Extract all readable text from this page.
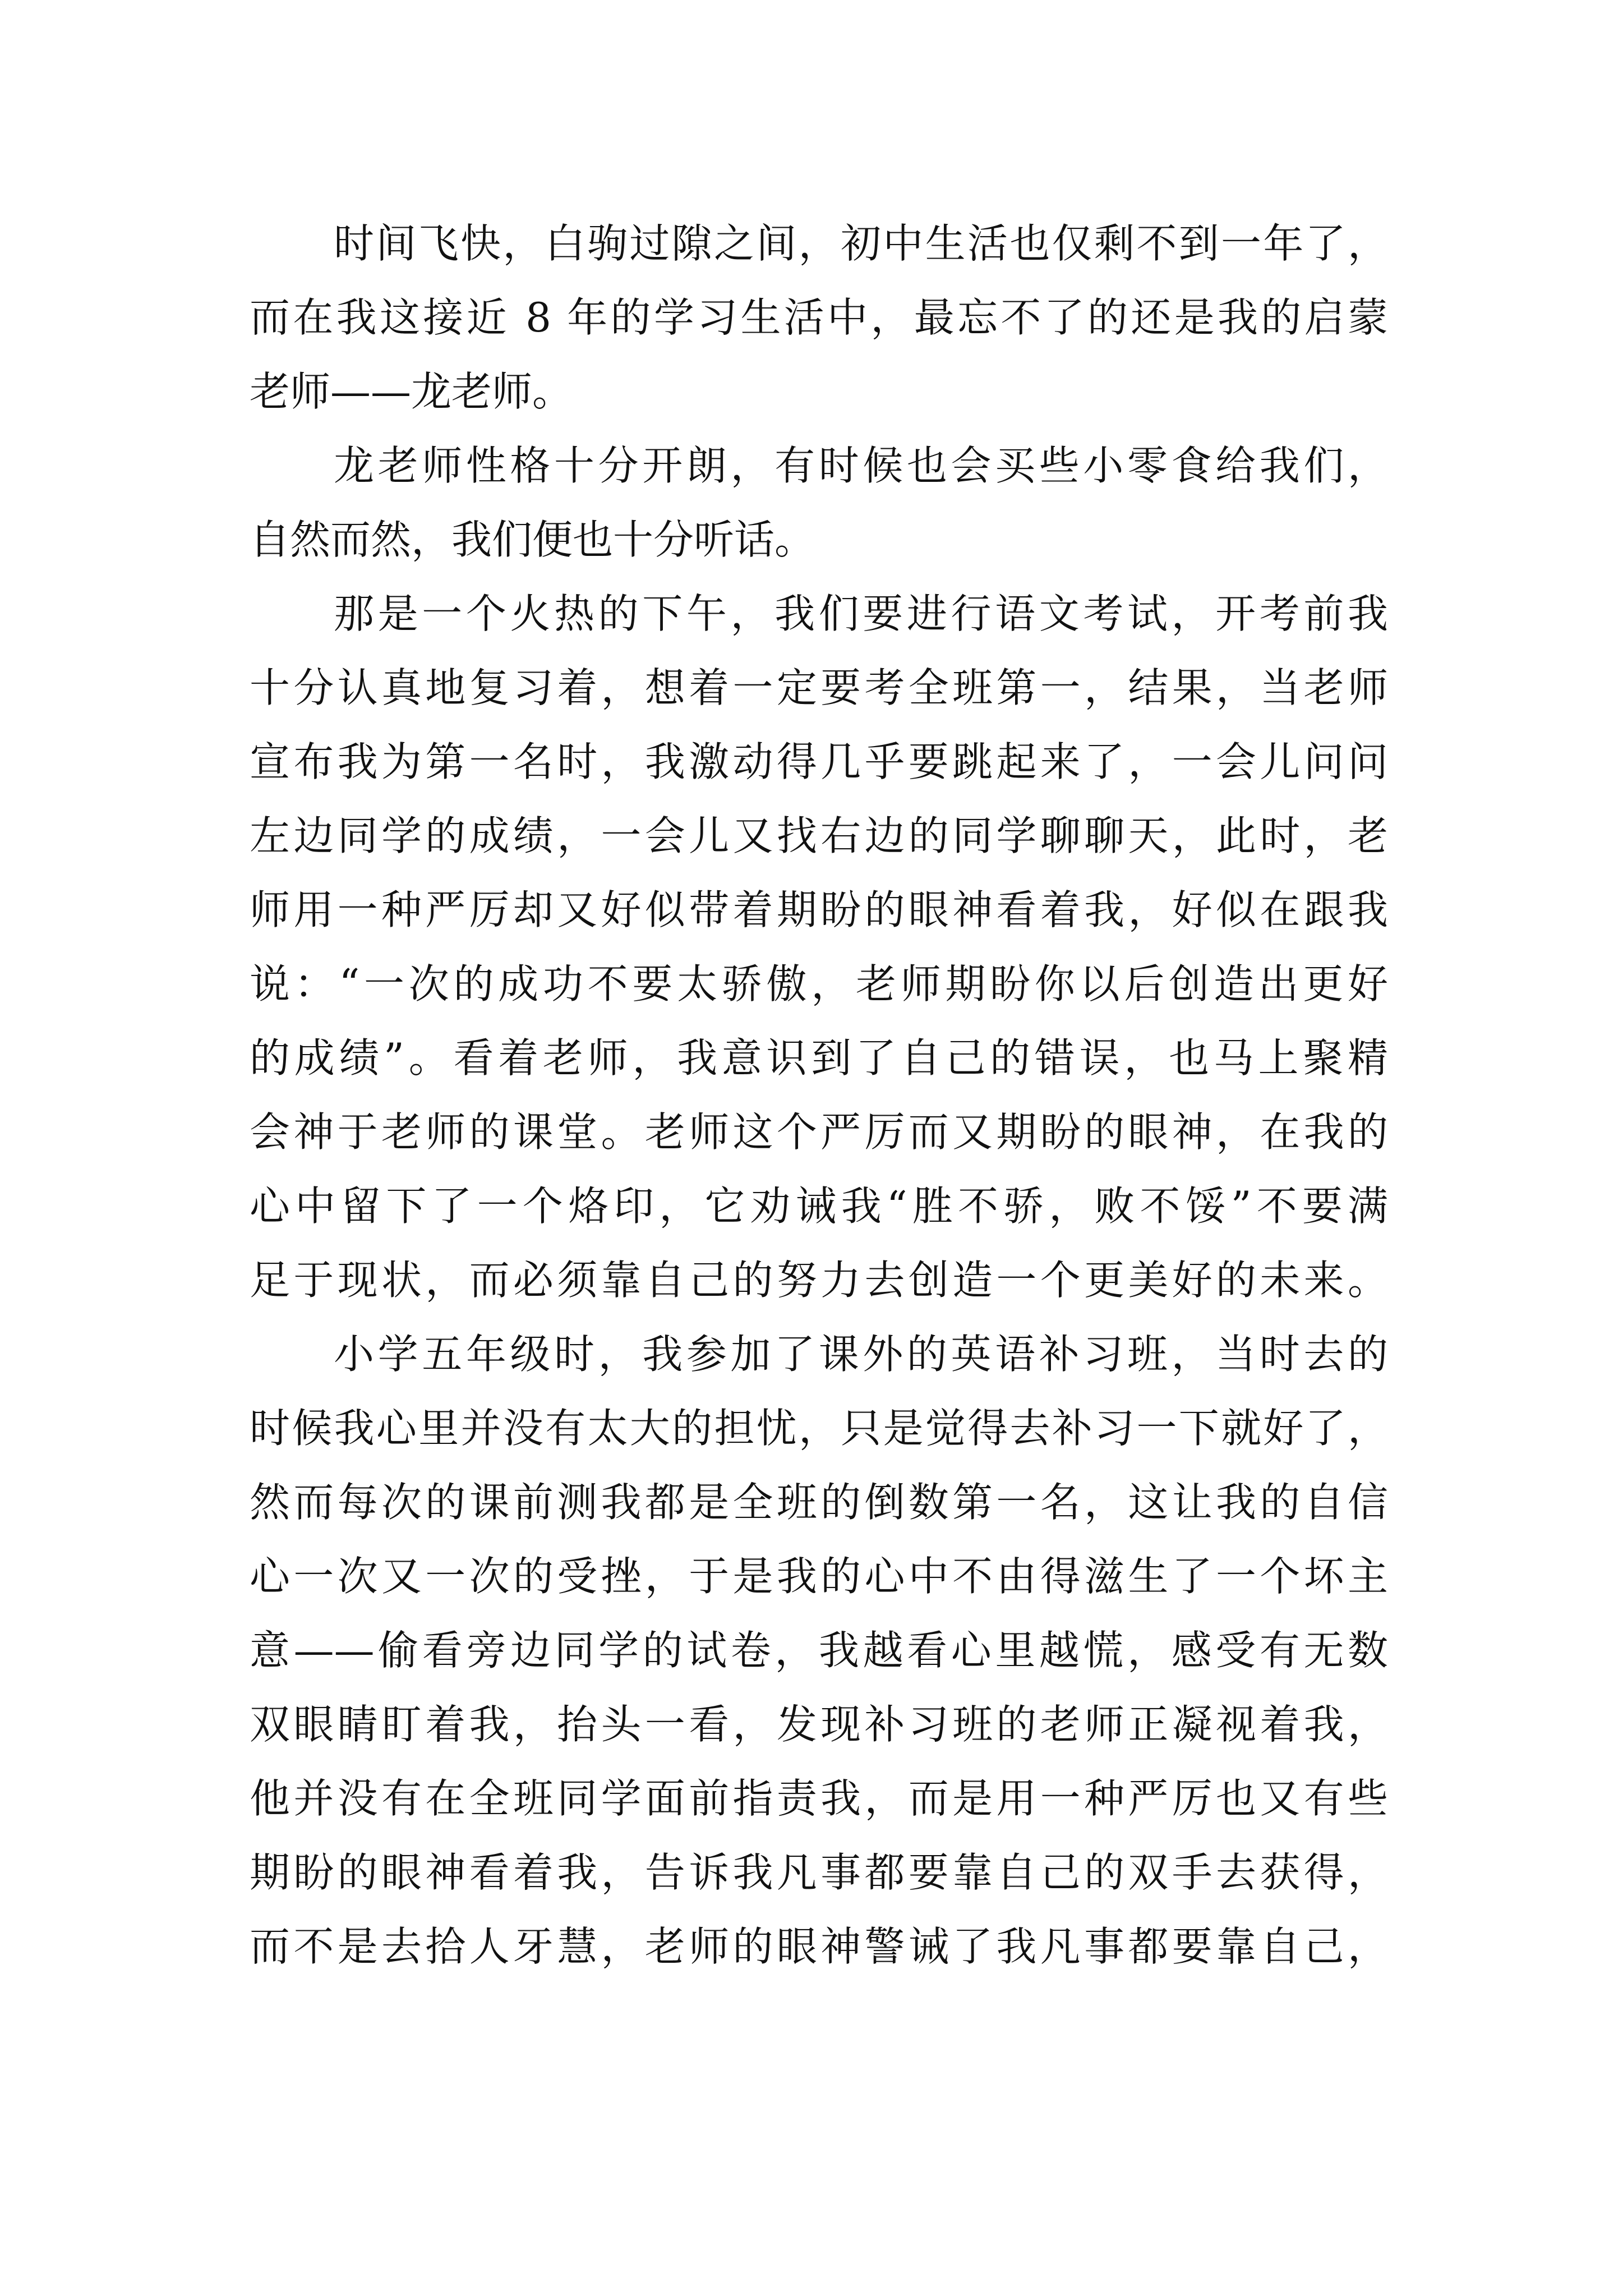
时间飞快，白驹过隙之间，初中生活也仅剩不到一年了，
而在我这接近 8 年的学习生活中，最忘不了的还是我的启蒙
老师——龙老师。
龙老师性格十分开朗，有时候也会买些小零食给我们，
自然而然，我们便也十分听话。
那是一个火热的下午，我们要进行语文考试，开考前我
十分认真地复习着，想着一定要考全班第一，结果，当老师
宣布我为第一名时，我激动得几乎要跳起来了，一会儿问问
左边同学的成绩，一会儿又找右边的同学聊聊天，此时，老
师用一种严厉却又好似带着期盼的眼神看着我，好似在跟我
说：“一次的成功不要太骄傲，老师期盼你以后创造出更好
的成绩”。看着老师，我意识到了自己的错误，也马上聚精
会神于老师的课堂。老师这个严厉而又期盼的眼神，在我的
心中留下了一个烙印，它劝诫我“胜不骄，败不馁”不要满
足于现状，而必须靠自己的努力去创造一个更美好的未来。
小学五年级时，我参加了课外的英语补习班，当时去的
时候我心里并没有太大的担忧，只是觉得去补习一下就好了，
然而每次的课前测我都是全班的倒数第一名，这让我的自信
心一次又一次的受挫，于是我的心中不由得滋生了一个坏主
意——偷看旁边同学的试卷，我越看心里越慌，感受有无数
双眼睛盯着我，抬头一看，发现补习班的老师正凝视着我，
他并没有在全班同学面前指责我，而是用一种严厉也又有些
期盼的眼神看着我，告诉我凡事都要靠自己的双手去获得，
而不是去拾人牙慧，老师的眼神警诫了我凡事都要靠自己，
